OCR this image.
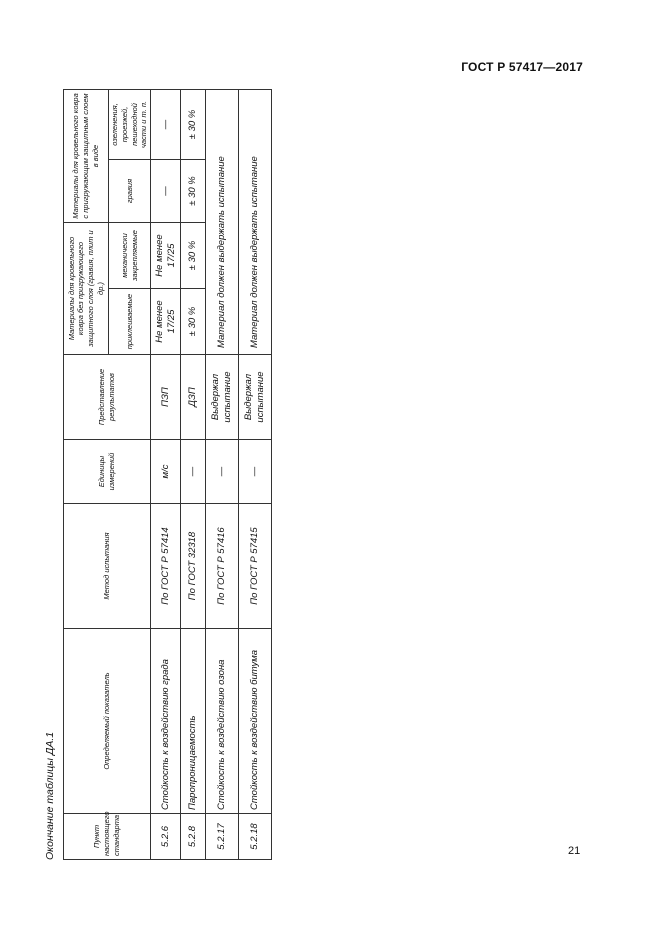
ГОСТ Р 57417—2017
Окончание таблицы ДА.1	Пункт настоящего стандарта	Определяемый показатель	Метод испытания	Единицы измерений	Представление результатов	Материалы для кровельного ковра без пригружающего защитного слоя (гравия, плит и др.)		Материалы для кровельного ковра с пригружающим защитным слоем в виде	
					приклеиваемые	механически закрепляемые	гравия	озеленения, проезжей, пешеходной части и т. п.
5.2.6	Стойкость к воздействию града	По ГОСТ Р 57414	м/с	ПЗП	Не менее 17/25	Не менее 17/25	—	—
5.2.8	Паропроницаемость	По ГОСТ 32318	—	ДЗП	± 30 %	± 30 %	± 30 %	± 30 %
5.2.17	Стойкость к воздействию озона	По ГОСТ Р 57416	—	Выдержал испытание	Материал должен выдержать испытание			
5.2.18	Стойкость к воздействию битума	По ГОСТ Р 57415	—	Выдержал испытание	Материал должен выдержать испытание			
21
